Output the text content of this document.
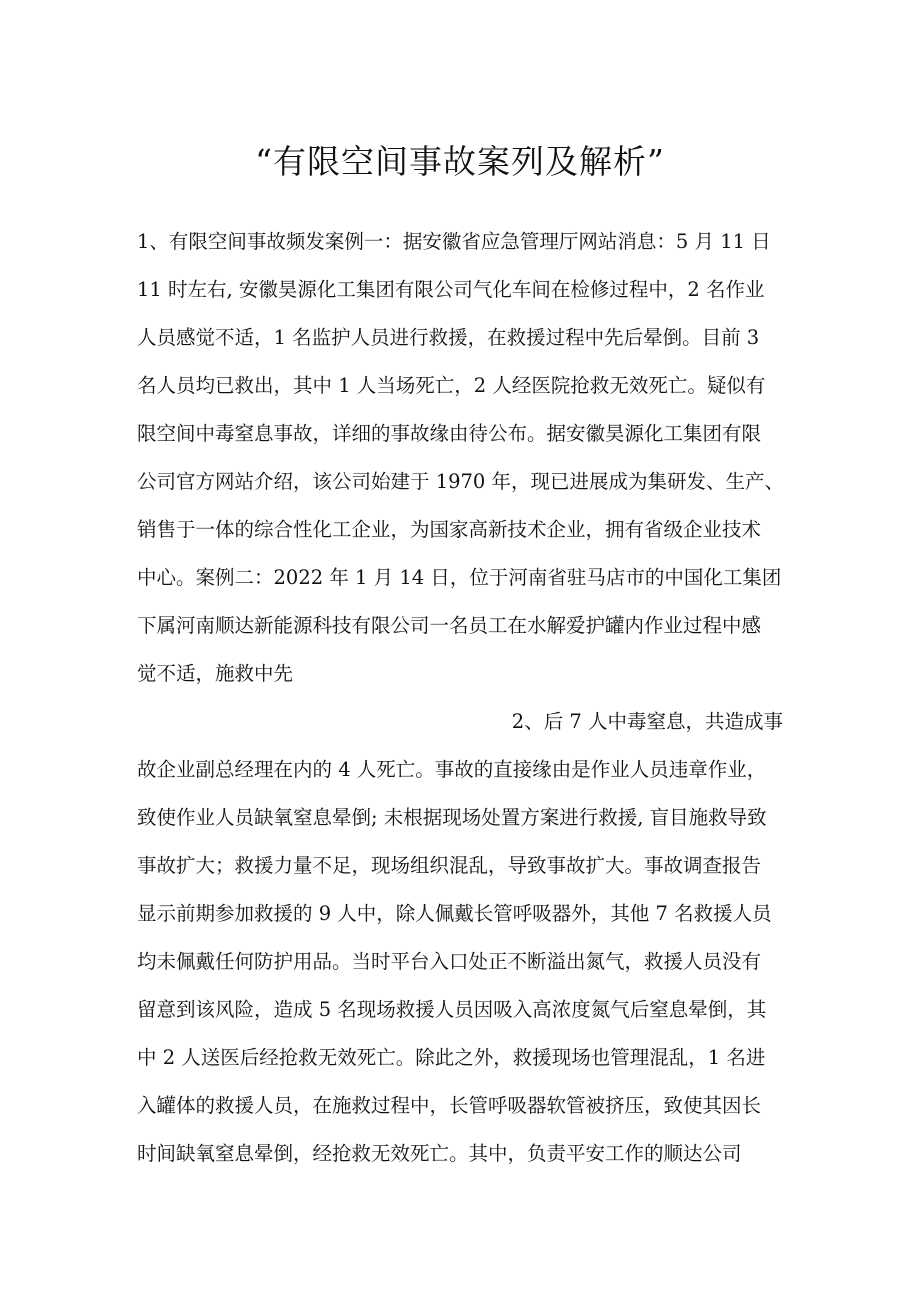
“有限空间事故案列及解析”
1、有限空间事故频发案例一：据安徽省应急管理厅网站消息：5 月 11 日
11 时左右, 安徽昊源化工集团有限公司气化车间在检修过程中，2 名作业
人员感觉不适，1 名监护人员进行救援，在救援过程中先后晕倒。目前 3
名人员均已救出，其中 1 人当场死亡，2 人经医院抢救无效死亡。疑似有
限空间中毒窒息事故，详细的事故缘由待公布。据安徽昊源化工集团有限
公司官方网站介绍，该公司始建于 1970 年，现已进展成为集研发、生产、
销售于一体的综合性化工企业，为国家高新技术企业，拥有省级企业技术
中心。案例二：2022 年 1 月 14 日，位于河南省驻马店市的中国化工集团
下属河南顺达新能源科技有限公司一名员工在水解爱护罐内作业过程中感
觉不适，施救中先
2、后 7 人中毒窒息，共造成事
故企业副总经理在内的 4 人死亡。事故的直接缘由是作业人员违章作业，
致使作业人员缺氧窒息晕倒; 未根据现场处置方案进行救援, 盲目施救导致
事故扩大；救援力量不足，现场组织混乱，导致事故扩大。事故调查报告
显示前期参加救援的 9 人中，除人佩戴长管呼吸器外，其他 7 名救援人员
均未佩戴任何防护用品。当时平台入口处正不断溢出氮气，救援人员没有
留意到该风险，造成 5 名现场救援人员因吸入高浓度氮气后窒息晕倒，其
中 2 人送医后经抢救无效死亡。除此之外，救援现场也管理混乱，1 名进
入罐体的救援人员，在施救过程中，长管呼吸器软管被挤压，致使其因长
时间缺氧窒息晕倒，经抢救无效死亡。其中，负责平安工作的顺达公司
